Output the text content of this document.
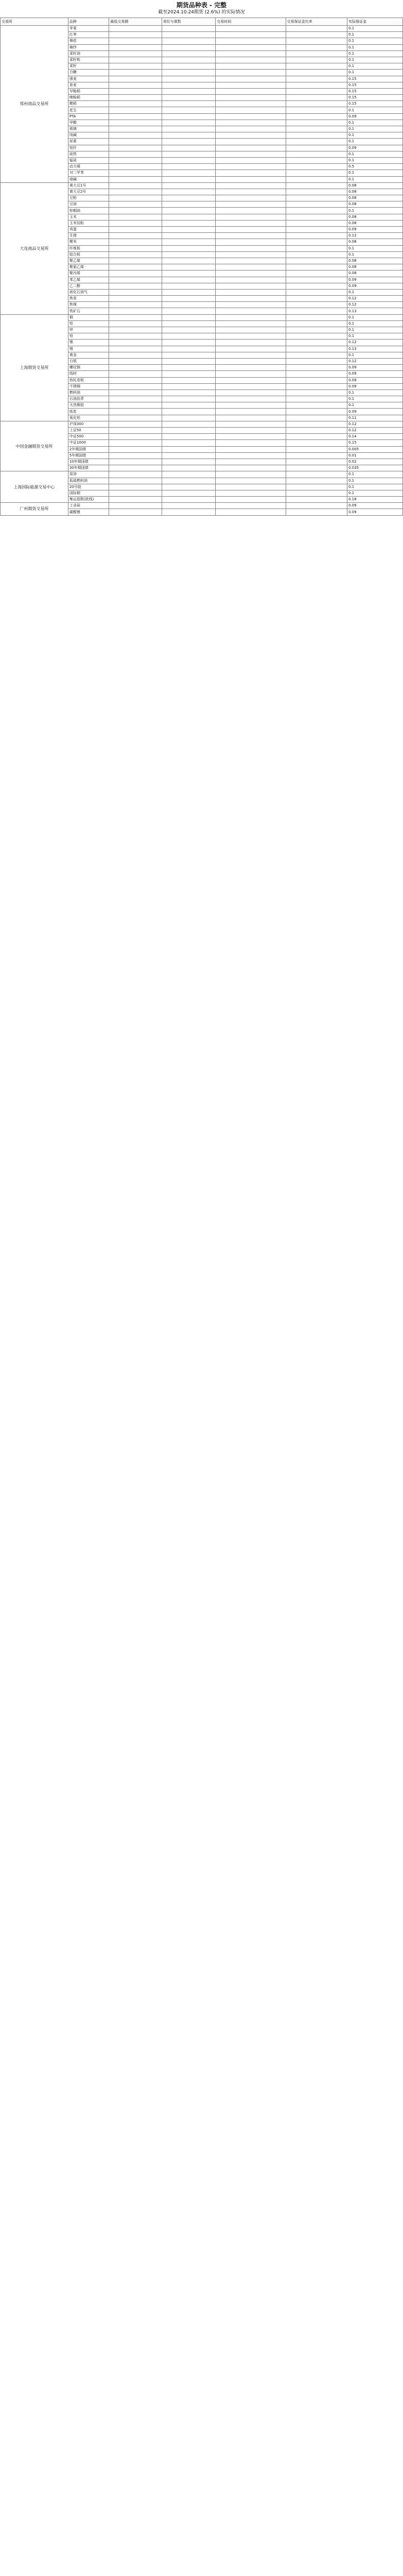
期货品种表 - 完整
截至2024.10.24期货 (2.6%) 的实际情况
交易所	品种	最低交易额	单位与乘数	交易时间	交易保证金比率	实际保证金
郑州商品交易所	苹果					0.1
	红枣					0.1
	棉花					0.1
	棉纱					0.1
	菜籽油					0.1
	菜籽粕					0.1
	菜籽					0.1
	白糖					0.1
	强麦					0.15
	普麦					0.15
	早籼稻					0.15
	晚籼稻					0.15
	粳稻					0.15
	花生					0.1
	PTA					0.09
	甲醇					0.1
	玻璃					0.1
	纯碱					0.1
	尿素					0.1
	短纤					0.09
	硅铁					0.1
	锰硅					0.1
	动力煤					0.5
	对二甲苯					0.1
	烧碱					0.1
大连商品交易所	黄大豆1号					0.08
	黄大豆2号					0.08
	豆粕					0.08
	豆油					0.08
	棕榈油					0.1
	玉米					0.08
	玉米淀粉					0.08
	鸡蛋					0.09
	生猪					0.12
	粳米					0.08
	纤维板					0.1
	胶合板					0.1
	聚乙烯					0.08
	聚氯乙烯					0.08
	聚丙烯					0.08
	苯乙烯					0.09
	乙二醇					0.09
	液化石油气					0.1
	焦炭					0.12
	焦煤					0.12
	铁矿石					0.13
上海期货交易所	铜					0.1
	铝					0.1
	锌					0.1
	铅					0.1
	镍					0.12
	锡					0.13
	黄金					0.1
	白银					0.12
	螺纹钢					0.09
	线材					0.09
	热轧卷板					0.09
	不锈钢					0.09
	燃料油					0.1
	石油沥青					0.1
	天然橡胶					0.1
	纸浆					0.09
	氧化铝					0.11
中国金融期货交易所	沪深300					0.12
	上证50					0.12
	中证500					0.14
	中证1000					0.15
	2年期国债					0.005
	5年期国债					0.01
	10年期国债					0.02
	30年期国债					0.035
上海国际能源交易中心	原油					0.1
	低硫燃料油					0.1
	20号胶					0.1
	国际铜					0.1
	集运指数(欧线)					0.18
广州期货交易所	工业硅					0.09
	碳酸锂					0.09
